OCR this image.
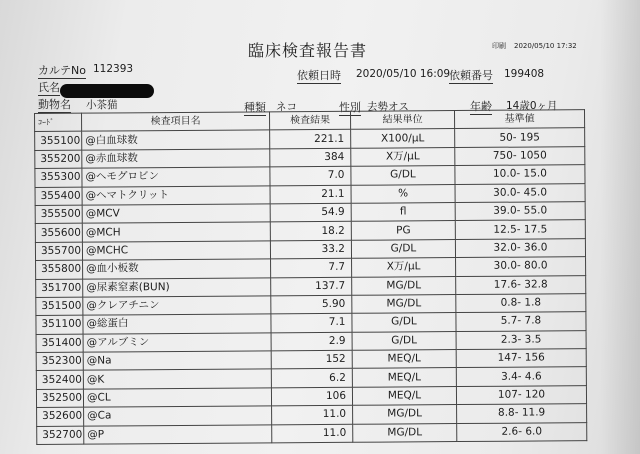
臨床検査報告書	印刷 2020/05/10 17:32
カルテNo 112393
氏名
動物名 小茶猫
依頼日時 2020/05/10 16:09
依頼番号 199408
種類 ネコ	性別 去勢オス	年齢 14歳0ヶ月
ｺｰﾄﾞ	検査項目名	検査結果	結果単位	基準値
355100	@白血球数	221.1	X100/μL	50- 195
355200	@赤血球数	384	X万/μL	750- 1050
355300	@ヘモグロビン	7.0	G/DL	10.0- 15.0
355400	@ヘマトクリット	21.1	%	30.0- 45.0
355500	@MCV	54.9	fl	39.0- 55.0
355600	@MCH	18.2	PG	12.5- 17.5
355700	@MCHC	33.2	G/DL	32.0- 36.0
355800	@血小板数	7.7	X万/μL	30.0- 80.0
351700	@尿素窒素(BUN)	137.7	MG/DL	17.6- 32.8
351500	@クレアチニン	5.90	MG/DL	0.8- 1.8
351100	@総蛋白	7.1	G/DL	5.7- 7.8
351400	@アルブミン	2.9	G/DL	2.3- 3.5
352300	@Na	152	MEQ/L	147- 156
352400	@K	6.2	MEQ/L	3.4- 4.6
352500	@CL	106	MEQ/L	107- 120
352600	@Ca	11.0	MG/DL	8.8- 11.9
352700	@P	11.0	MG/DL	2.6- 6.0
